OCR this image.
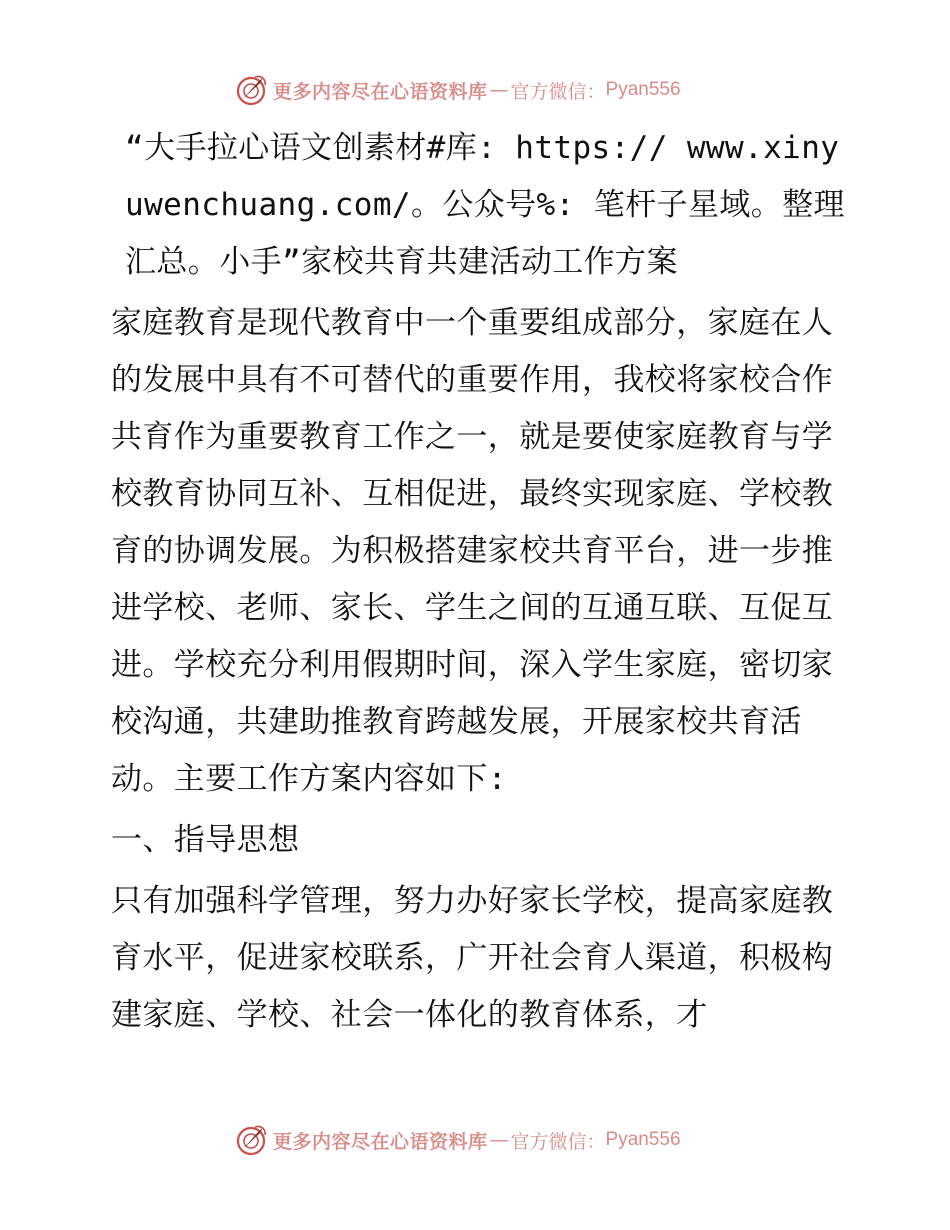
更多内容尽在心语资料库 — 官方微信： Pyan556

“大手拉心语文创素材#库: https:// www.xinyuwenchuang.com/。公众号%: 笔杆子星域。整理汇总。小手”家校共育共建活动工作方案

家庭教育是现代教育中一个重要组成部分，家庭在人的发展中具有不可替代的重要作用，我校将家校合作共育作为重要教育工作之一，就是要使家庭教育与学校教育协同互补、互相促进，最终实现家庭、学校教育的协调发展。为积极搭建家校共育平台，进一步推进学校、老师、家长、学生之间的互通互联、互促互进。学校充分利用假期时间，深入学生家庭，密切家校沟通，共建助推教育跨越发展，开展家校共育活动。主要工作方案内容如下:

一、指导思想

只有加强科学管理，努力办好家长学校，提高家庭教育水平，促进家校联系，广开社会育人渠道，积极构建家庭、学校、社会一体化的教育体系，才

更多内容尽在心语资料库 — 官方微信： Pyan556
